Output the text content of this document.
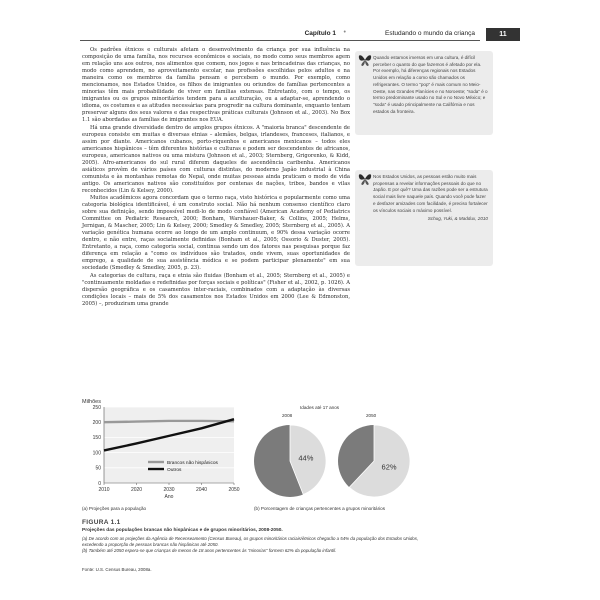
Capítulo 1 •	Estudando o mundo da criança	11

Os padrões étnicos e culturais afetam o desenvolvimento da criança por sua influência na composição de uma família, nos recursos econômicos e sociais, no modo como seus membros agem em relação uns aos outros, nos alimentos que comem, nos jogos e nas brincadeiras das crianças, no modo como aprendem, no aproveitamento escolar, nas profissões escolhidas pelos adultos e na maneira como os membros da família pensam e percebem o mundo. Por exemplo, como mencionamos, nos Estados Unidos, os filhos de imigrantes ou oriundos de famílias pertencentes a minorias têm mais probabilidade de viver em famílias extensas. Entretanto, com o tempo, os imigrantes ou os grupos minoritários tendem para a aculturação, ou a adaptar-se, aprendendo o idioma, os costumes e as atitudes necessárias para progredir na cultura dominante, enquanto tentam preservar alguns dos seus valores e das respectivas práticas culturais (Johnson et al., 2003). No Box 1.1 são abordadas as famílias de imigrantes nos EUA.

Há uma grande diversidade dentro de amplos grupos étnicos. A "maioria branca" descendente de europeus consiste em muitas e diversas etnias – alemães, belgas, irlandeses, franceses, italianos, e assim por diante. Americanos cubanos, porto-riquenhos e americanos mexicanos – todos eles americanos hispânicos – têm diferentes histórias e culturas e podem ser descendentes de africanos, europeus, americanos nativos ou uma mistura (Johnson et al., 2003; Sternberg, Grigorenko, & Kidd, 2005). Afro-americanos do sul rural diferem daqueles de ascendência caribenha. Americanos asiáticos provêm de vários países com culturas distintas, do moderno Japão industrial à China comunista e às montanhas remotas do Nepal, onde muitas pessoas ainda praticam o modo de vida antigo. Os americanos nativos são constituídos por centenas de nações, tribos, bandos e vilas reconhecidos (Lin & Kelsey, 2000).

Muitos acadêmicos agora concordam que o termo raça, visto histórica e popularmente como uma categoria biológica identificável, é um construto social. Não há nenhum consenso científico claro sobre sua definição, sendo impossível medi-lo de modo confiável (American Academy of Pediatrics Committee on Pediatric Research, 2000; Bonham, Warshauer-Baker, & Collins, 2005; Helms, Jernigan, & Mascher, 2005; Lin & Kelsey, 2000; Smedley & Smedley, 2005; Sternberg et al., 2005). A variação genética humana ocorre ao longo de um amplo continuum, e 90% dessa variação ocorre dentro, e não entre, raças socialmente definidas (Bonham et al., 2005; Ossorio & Duster, 2005). Entretanto, a raça, como categoria social, continua sendo um dos fatores nas pesquisas porque faz diferença em relação a "como os indivíduos são tratados, onde vivem, suas oportunidades de emprego, a qualidade de sua assistência médica e se podem participar plenamente" em sua sociedade (Smedley & Smedley, 2005, p. 23).

As categorias de cultura, raça e etnia são fluidas (Bonham et al., 2005; Sternberg et al., 2005) e "continuamente moldadas e redefinidas por forças sociais e políticas" (Fisher et al., 2002, p. 1026). A dispersão geográfica e os casamentos inter-raciais, combinados com a adaptação às diversas condições locais – mais de 5% dos casamentos nos Estados Unidos em 2000 (Lee & Edmonston, 2005) –, produziram uma grande

Quando estamos imersos em uma cultura, é difícil perceber o quanto do que fazemos é afetado por ela. Por exemplo, há diferenças regionais nos Estados Unidos em relação a como são chamados os refrigerantes. O termo "pop" é mais comum no Meio-Oeste, nas Grandes Planícies e no Noroeste; "soda" é o termo predominante usado no Sul e no Novo México; e "soda" é usado principalmente na Califórnia e nos estados da fronteira.
Nos Estados Unidos, as pessoas estão muito mais propensas a revelar informações pessoais do que no Japão. E por quê? Uma das razões pode ser a estrutura social mais livre naquele país. Quando você pode fazer e desfazer amizades com facilidade, é preciso fortalecer os vínculos sociais o máximo possível.
Schug, Yuki, & Maddux, 2010
Milhões
0
50
100
150
200
250
2010	2020	2030	2040	2050
Ano
Brancos não hispânicos
Outros
Idades até 17 anos
2008	2050
44%
62%
(a) Projeções para a população	(b) Porcentagem de crianças pertencentes a grupos minoritários
FIGURA 1.1
Projeções das populações brancas não hispânicas e de grupos minoritários, 2008-2050.
(a) De acordo com as projeções da Agência de Recenseamento (Census Bureau), os grupos minoritários raciais/étnicos chegarão a 54% da população dos Estados Unidos, excedendo a proporção de pessoas brancas não hispânicas até 2050.
(b) Também até 2050 espera-se que crianças de menos de 18 anos pertencentes às "minorias" formem 62% da população infantil.
Fonte: U.S. Census Bureau, 2008a.
